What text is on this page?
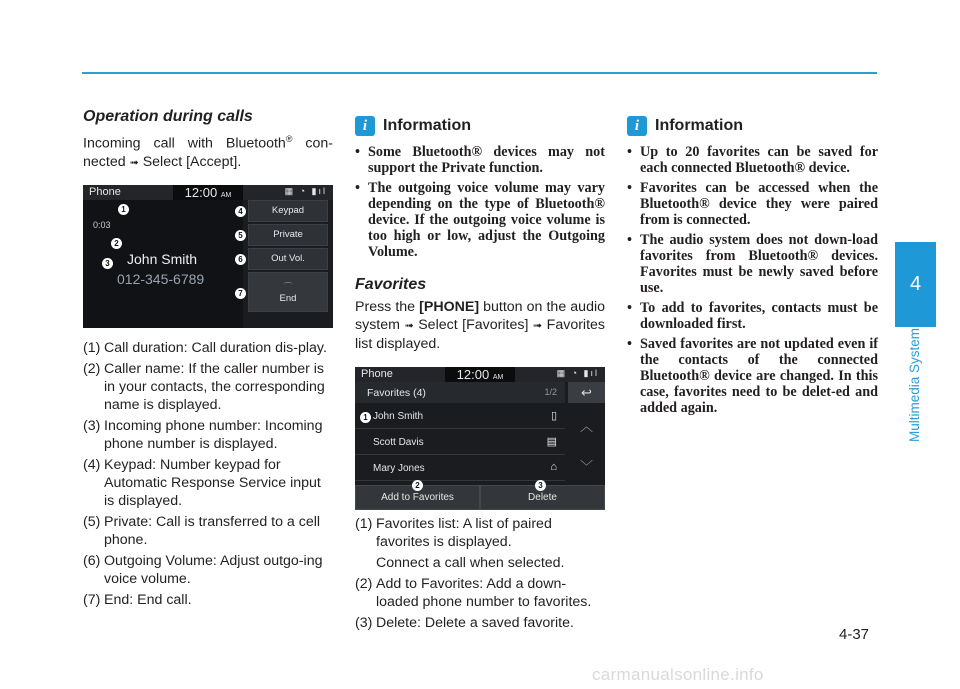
4
Multimedia System
Operation during calls
Incoming call with Bluetooth® con-nected ➟ Select [Accept].
Phone	12:00 AM	▦ ◔ ▮ıl
0:03
John Smith
012-345-6789
1
2
3
4
5
6
7
Keypad
Private
Out Vol.
⌒
End
(1) Call duration: Call duration dis-play.
(2) Caller name: If the caller number is in your contacts, the corresponding name is displayed.
(3) Incoming phone number: Incoming phone number is displayed.
(4) Keypad: Number keypad for Automatic Response Service input is displayed.
(5) Private: Call is transferred to a cell phone.
(6) Outgoing Volume: Adjust outgo-ing voice volume.
(7) End: End call.
i Information
• Some Bluetooth® devices may not support the Private function.
• The outgoing voice volume may vary depending on the type of Bluetooth® device. If the outgoing voice volume is too high or low, adjust the Outgoing Volume.
Favorites
Press the [PHONE] button on the audio system ➟ Select [Favorites] ➟ Favorites list displayed.
Phone	12:00 AM	▦ ◔ ▮ıl
Favorites (4)	1/2 ↩
John Smith	▯
Scott Davis	▤
Mary Jones	⌂
︿
﹀
Add to Favorites	Delete
1
2	3
(1) Favorites list: A list of paired favorites is displayed.
Connect a call when selected.
(2) Add to Favorites: Add a down-loaded phone number to favorites.
(3) Delete: Delete a saved favorite.
i Information
• Up to 20 favorites can be saved for each connected Bluetooth® device.
• Favorites can be accessed when the Bluetooth® device they were paired from is connected.
• The audio system does not down-load favorites from Bluetooth® devices. Favorites must be newly saved before use.
• To add to favorites, contacts must be downloaded first.
• Saved favorites are not updated even if the contacts of the connected Bluetooth® device are changed. In this case, favorites need to be delet-ed and added again.
4-37
carmanualsonline.info
